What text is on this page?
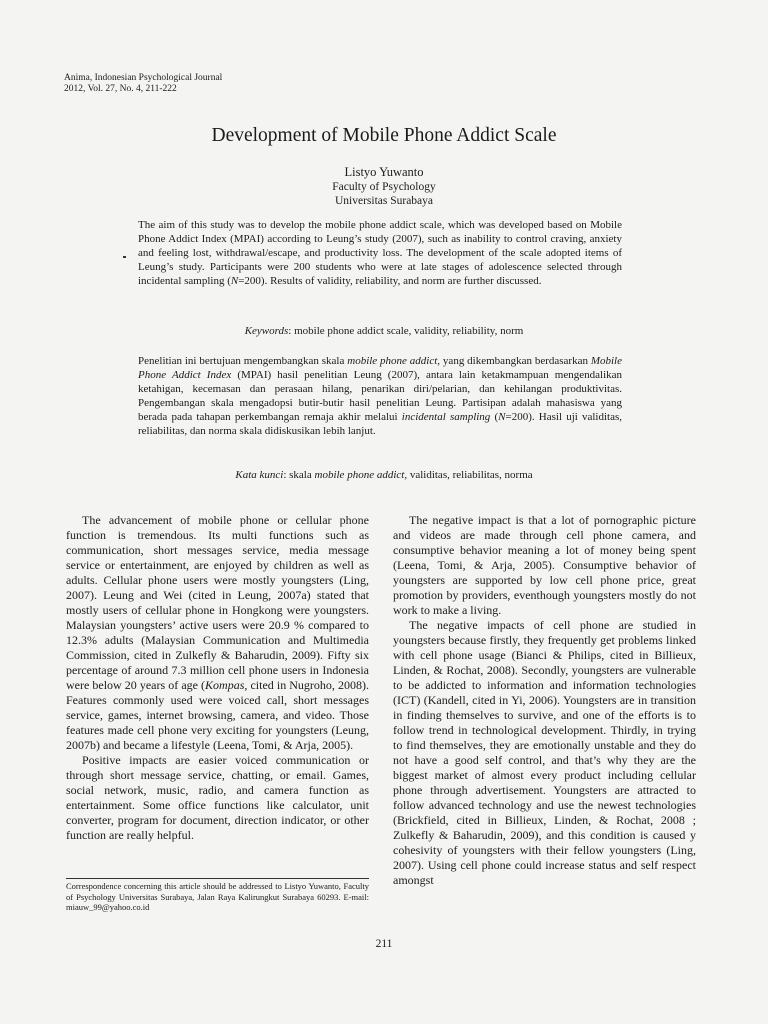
Anima, Indonesian Psychological Journal
2012, Vol. 27, No. 4, 211-222
Development of Mobile Phone Addict Scale
Listyo Yuwanto
Faculty of Psychology
Universitas Surabaya

The aim of this study was to develop the mobile phone addict scale, which was developed based on Mobile Phone Addict Index (MPAI) according to Leung’s study (2007), such as inability to control craving, anxiety and feeling lost, withdrawal/escape, and productivity loss. The development of the scale adopted items of Leung’s study. Participants were 200 students who were at late stages of adolescence selected through incidental sampling (N=200). Results of validity, reliability, and norm are further discussed.

Keywords: mobile phone addict scale, validity, reliability, norm

Penelitian ini bertujuan mengembangkan skala mobile phone addict, yang dikembangkan berdasarkan Mobile Phone Addict Index (MPAI) hasil penelitian Leung (2007), antara lain ketakmampuan mengendalikan ketahigan, kecemasan dan perasaan hilang, penarikan diri/pelarian, dan kehilangan produktivitas. Pengembangan skala mengadopsi butir-butir hasil penelitian Leung. Partisipan adalah mahasiswa yang berada pada tahapan perkembangan remaja akhir melalui incidental sampling (N=200). Hasil uji validitas, reliabilitas, dan norma skala didiskusikan lebih lanjut.

Kata kunci: skala mobile phone addict, validitas, reliabilitas, norma

The advancement of mobile phone or cellular phone function is tremendous. Its multi functions such as communication, short messages service, media message service or entertainment, are enjoyed by children as well as adults. Cellular phone users were mostly youngsters (Ling, 2007). Leung and Wei (cited in Leung, 2007a) stated that mostly users of cellular phone in Hongkong were youngsters. Malaysian youngsters’ active users were 20.9 % compared to 12.3% adults (Malaysian Communication and Multimedia Commission, cited in Zulkefly & Baharudin, 2009). Fifty six percentage of around 7.3 million cell phone users in Indonesia were below 20 years of age (Kompas, cited in Nugroho, 2008). Features commonly used were voiced call, short messages service, games, internet browsing, camera, and video. Those features made cell phone very exciting for youngsters (Leung, 2007b) and became a lifestyle (Leena, Tomi, & Arja, 2005).

Positive impacts are easier voiced communication or through short message service, chatting, or email. Games, social network, music, radio, and camera function as entertainment. Some office functions like calculator, unit converter, program for document, direction indicator, or other function are really helpful.

Correspondence concerning this article should be addressed to Listyo Yuwanto, Faculty of Psychology Universitas Surabaya, Jalan Raya Kalirungkut Surabaya 60293. E-mail: miauw_99@yahoo.co.id

The negative impact is that a lot of pornographic picture and videos are made through cell phone camera, and consumptive behavior meaning a lot of money being spent (Leena, Tomi, & Arja, 2005). Consumptive behavior of youngsters are supported by low cell phone price, great promotion by providers, eventhough youngsters mostly do not work to make a living.

The negative impacts of cell phone are studied in youngsters because firstly, they frequently get problems linked with cell phone usage (Bianci & Philips, cited in Billieux, Linden, & Rochat, 2008). Secondly, youngsters are vulnerable to be addicted to information and information technologies (ICT) (Kandell, cited in Yi, 2006). Youngsters are in transition in finding themselves to survive, and one of the efforts is to follow trend in technological development. Thirdly, in trying to find themselves, they are emotionally unstable and they do not have a good self control, and that’s why they are the biggest market of almost every product including cellular phone through advertisement. Youngsters are attracted to follow advanced technology and use the newest technologies (Brickfield, cited in Billieux, Linden, & Rochat, 2008 ; Zulkefly & Baharudin, 2009), and this condition is caused y cohesivity of youngsters with their fellow youngsters (Ling, 2007). Using cell phone could increase status and self respect amongst

211
